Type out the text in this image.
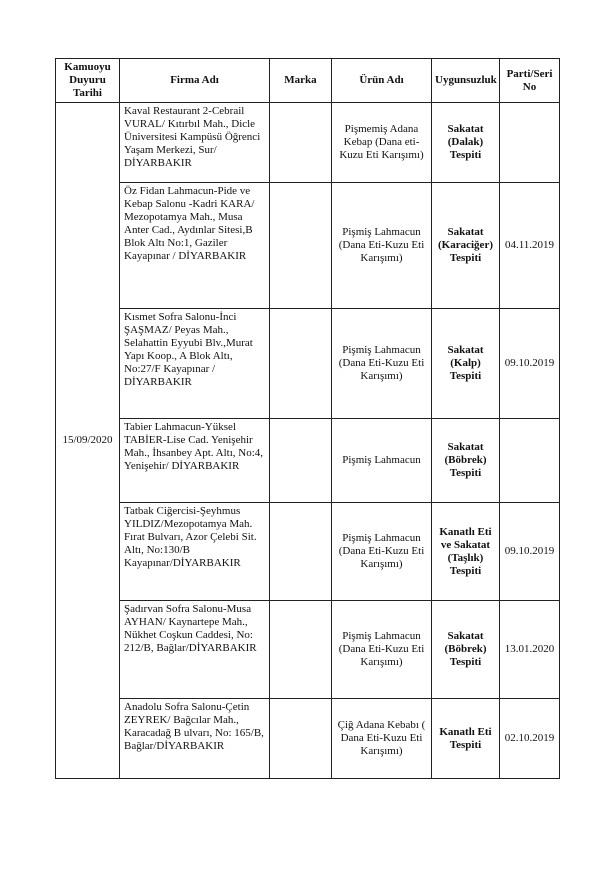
Kamuoyu Duyuru Tarihi	Firma Adı	Marka	Ürün Adı	Uygunsuzluk	Parti/Seri No
15/09/2020	Kaval Restaurant 2-Cebrail VURAL/ Kıtırbıl Mah., Dicle Üniversitesi Kampüsü Öğrenci Yaşam Merkezi, Sur/ DİYARBAKIR		Pişmemiş Adana Kebap (Dana eti-Kuzu Eti Karışımı)	Sakatat (Dalak) Tespiti	
	Öz Fidan Lahmacun-Pide ve Kebap Salonu -Kadri KARA/ Mezopotamya Mah., Musa Anter Cad., Aydınlar Sitesi,B Blok Altı No:1, Gaziler Kayapınar / DİYARBAKIR		Pişmiş Lahmacun (Dana Eti-Kuzu Eti Karışımı)	Sakatat (Karaciğer) Tespiti	04.11.2019
	Kısmet Sofra Salonu-İnci ŞAŞMAZ/ Peyas Mah., Selahattin Eyyubi Blv.,Murat Yapı Koop., A Blok Altı, No:27/F Kayapınar / DİYARBAKIR		Pişmiş Lahmacun (Dana Eti-Kuzu Eti Karışımı)	Sakatat (Kalp) Tespiti	09.10.2019
	Tabier Lahmacun-Yüksel TABİER-Lise Cad. Yenişehir Mah., İhsanbey Apt. Altı, No:4, Yenişehir/ DİYARBAKIR		Pişmiş Lahmacun	Sakatat (Böbrek) Tespiti	
	Tatbak Ciğercisi-Şeyhmus YILDIZ/Mezopotamya Mah. Fırat Bulvarı, Azor Çelebi Sit. Altı, No:130/B Kayapınar/DİYARBAKIR		Pişmiş Lahmacun (Dana Eti-Kuzu Eti Karışımı)	Kanatlı Eti ve Sakatat (Taşlık) Tespiti	09.10.2019
	Şadırvan Sofra Salonu-Musa AYHAN/ Kaynartepe Mah., Nükhet Coşkun Caddesi, No: 212/B, Bağlar/DİYARBAKIR		Pişmiş Lahmacun (Dana Eti-Kuzu Eti Karışımı)	Sakatat (Böbrek) Tespiti	13.01.2020
	Anadolu Sofra Salonu-Çetin ZEYREK/ Bağcılar Mah., Karacadağ B ulvarı, No: 165/B, Bağlar/DİYARBAKIR		Çiğ Adana Kebabı ( Dana Eti-Kuzu Eti Karışımı)	Kanatlı Eti Tespiti	02.10.2019
